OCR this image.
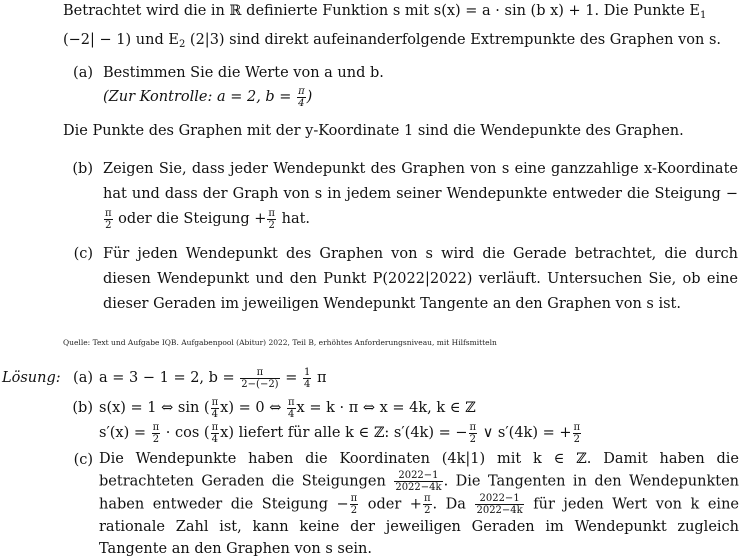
Betrachtet wird die in ℝ definierte Funktion s mit s(x) = a · sin (b x) + 1. Die Punkte $E_1$ (−2| − 1) und $E_2$ (2|3) sind direkt aufeinanderfolgende Extrempunkte des Graphen von s.
(a) Bestimmen Sie die Werte von a und b.
(Zur Kontrolle: a = 2, $b = \frac{\pi}{4}$ )
Die Punkte des Graphen mit der y-Koordinate 1 sind die Wendepunkte des Graphen.
(b) Zeigen Sie, dass jeder Wendepunkt des Graphen von s eine ganzzahlige x-Koordinate hat und dass der Graph von s in jedem seiner Wendepunkte entweder die Steigung −
$\frac{\pi}{2}$ oder die Steigung + $\frac{\pi}{2}$ hat.
(c) Für jeden Wendepunkt des Graphen von s wird die Gerade betrachtet, die durch diesen Wendepunkt und den Punkt P(2022|2022) verläuft. Untersuchen Sie, ob eine dieser Geraden im jeweiligen Wendepunkt Tangente an den Graphen von s ist.
Quelle: Text und Aufgabe IQB. Aufgabenpool (Abitur) 2022, Teil B, erhöhtes Anforderungsniveau, mit Hilfsmitteln
Lösung: (a) a = 3 − 1 = 2, $b = \frac{\pi}{2-(-2)} = \frac{1}{4}$ π
(b) s(x) = 1 ⇔ sin ( $\frac{\pi}{4} x) = 0$ ⇔ $\frac{\pi}{4}$ x = k · π ⇔ x = 4k, k ∈ ℤ
$s'(x) = \frac{\pi}{2} \cdot \cos$ ( $\frac{\pi}{4} x$) liefert für alle k ∈ ℤ: s′(4k) = − $\frac{\pi}{2}$ ∨ s′(4k) = + $\frac{\pi}{2}$
(c) Die Wendepunkte haben die Koordinaten (4k|1) mit k ∈ ℤ. Damit haben die betrachteten Geraden die Steigungen $\frac{2022-1}{2022-4k}$ . Die Tangenten in den Wendepunkten haben entweder die Steigung − $\frac{\pi}{2}$ oder + $\frac{\pi}{2}$ . Da $\frac{2022-1}{2022-4k}$ für jeden Wert von k eine rationale Zahl ist, kann keine der jeweiligen Geraden im Wendepunkt zugleich Tangente an den Graphen von s sein.
